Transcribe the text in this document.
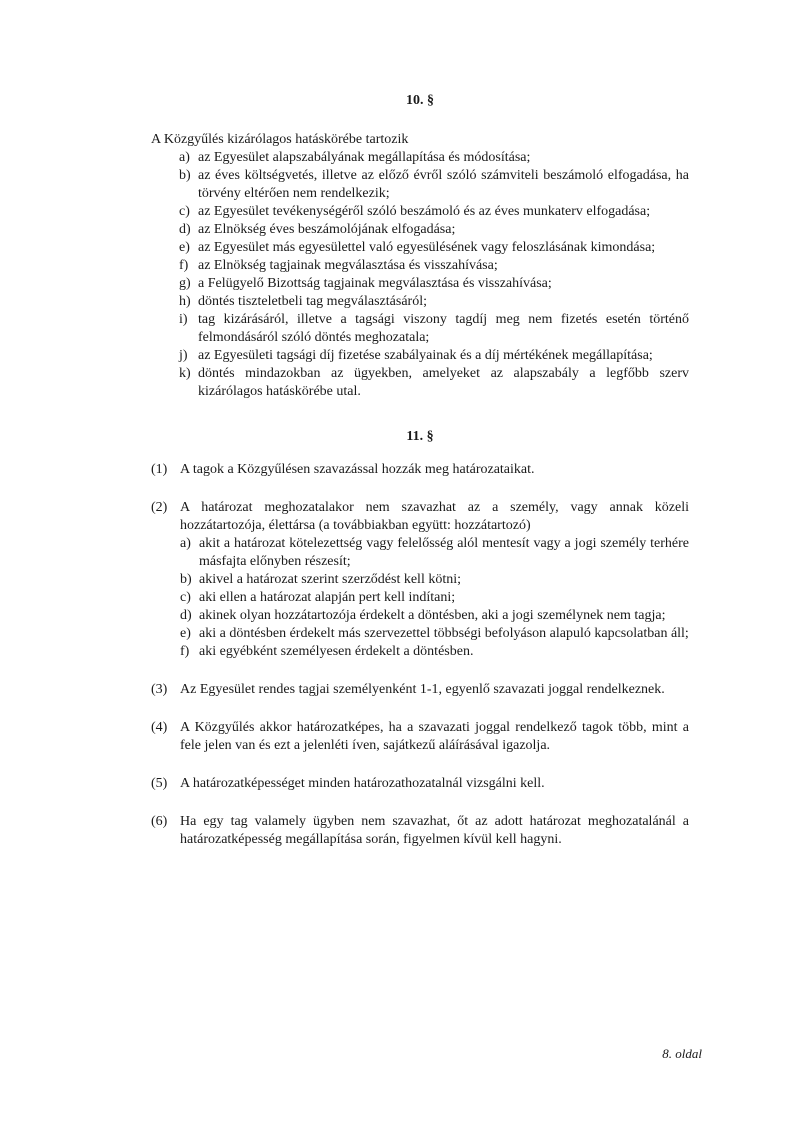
10. §
A Közgyűlés kizárólagos hatáskörébe tartozik
a) az Egyesület alapszabályának megállapítása és módosítása;
b) az éves költségvetés, illetve az előző évről szóló számviteli beszámoló elfogadása, ha törvény eltérően nem rendelkezik;
c) az Egyesület tevékenységéről szóló beszámoló és az éves munkaterv elfogadása;
d) az Elnökség éves beszámolójának elfogadása;
e) az Egyesület más egyesülettel való egyesülésének vagy feloszlásának kimondása;
f) az Elnökség tagjainak megválasztása és visszahívása;
g) a Felügyelő Bizottság tagjainak megválasztása és visszahívása;
h) döntés tiszteletbeli tag megválasztásáról;
i) tag kizárásáról, illetve a tagsági viszony tagdíj meg nem fizetés esetén történő felmondásáról szóló döntés meghozatala;
j) az Egyesületi tagsági díj fizetése szabályainak és a díj mértékének megállapítása;
k) döntés mindazokban az ügyekben, amelyeket az alapszabály a legfőbb szerv kizárólagos hatáskörébe utal.
11. §
(1) A tagok a Közgyűlésen szavazással hozzák meg határozataikat.
(2) A határozat meghozatalakor nem szavazhat az a személy, vagy annak közeli hozzátartozója, élettársa (a továbbiakban együtt: hozzátartozó)
a) akit a határozat kötelezettség vagy felelősség alól mentesít vagy a jogi személy terhére másfajta előnyben részesít;
b) akivel a határozat szerint szerződést kell kötni;
c) aki ellen a határozat alapján pert kell indítani;
d) akinek olyan hozzátartozója érdekelt a döntésben, aki a jogi személynek nem tagja;
e) aki a döntésben érdekelt más szervezettel többségi befolyáson alapuló kapcsolatban áll;
f) aki egyébként személyesen érdekelt a döntésben.
(3) Az Egyesület rendes tagjai személyenként 1-1, egyenlő szavazati joggal rendelkeznek.
(4) A Közgyűlés akkor határozatképes, ha a szavazati joggal rendelkező tagok több, mint a fele jelen van és ezt a jelenléti íven, sajátkezű aláírásával igazolja.
(5) A határozatképességet minden határozathozatalnál vizsgálni kell.
(6) Ha egy tag valamely ügyben nem szavazhat, őt az adott határozat meghozatalánál a határozatképesség megállapítása során, figyelmen kívül kell hagyni.
8. oldal
